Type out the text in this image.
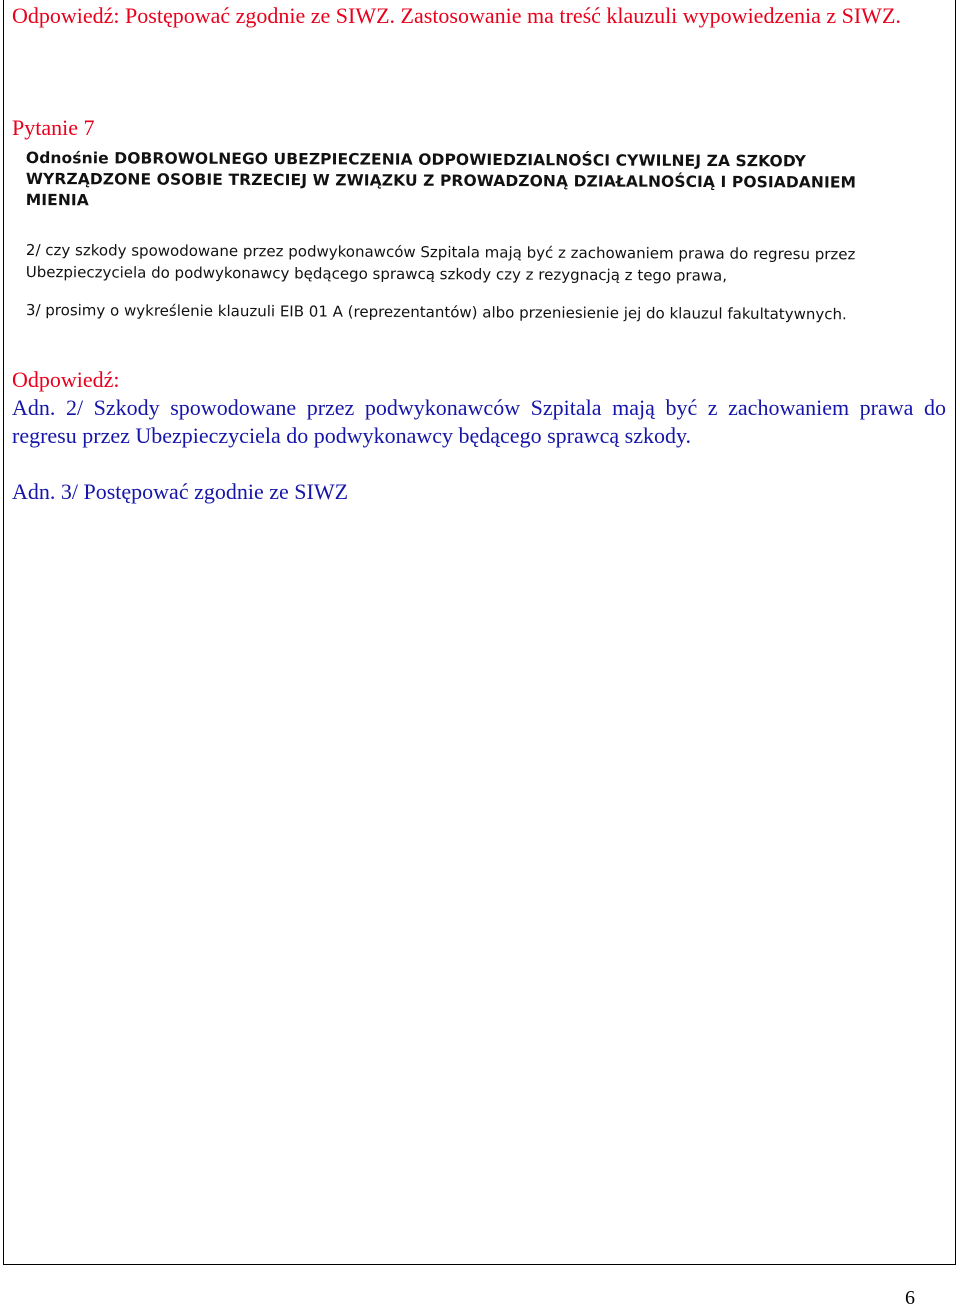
Odpowiedź: Postępować zgodnie ze SIWZ. Zastosowanie ma treść klauzuli wypowiedzenia z SIWZ.
Pytanie 7

Odnośnie DOBROWOLNEGO UBEZPIECZENIA ODPOWIEDZIALNOŚCI CYWILNEJ ZA SZKODY WYRZĄDZONE OSOBIE TRZECIEJ W ZWIĄZKU Z PROWADZONĄ DZIAŁALNOŚCIĄ I POSIADANIEM MIENIA

2/ czy szkody spowodowane przez podwykonawców Szpitala mają być z zachowaniem prawa do regresu przez Ubezpieczyciela do podwykonawcy będącego sprawcą szkody czy z rezygnacją z tego prawa,

3/ prosimy o wykreślenie klauzuli EIB 01 A (reprezentantów) albo przeniesienie jej do klauzul fakultatywnych.

Odpowiedź:
Adn. 2/ Szkody spowodowane przez podwykonawców Szpitala mają być z zachowaniem prawa do regresu przez Ubezpieczyciela do podwykonawcy będącego sprawcą szkody.
Adn. 3/ Postępować zgodnie ze SIWZ
6
